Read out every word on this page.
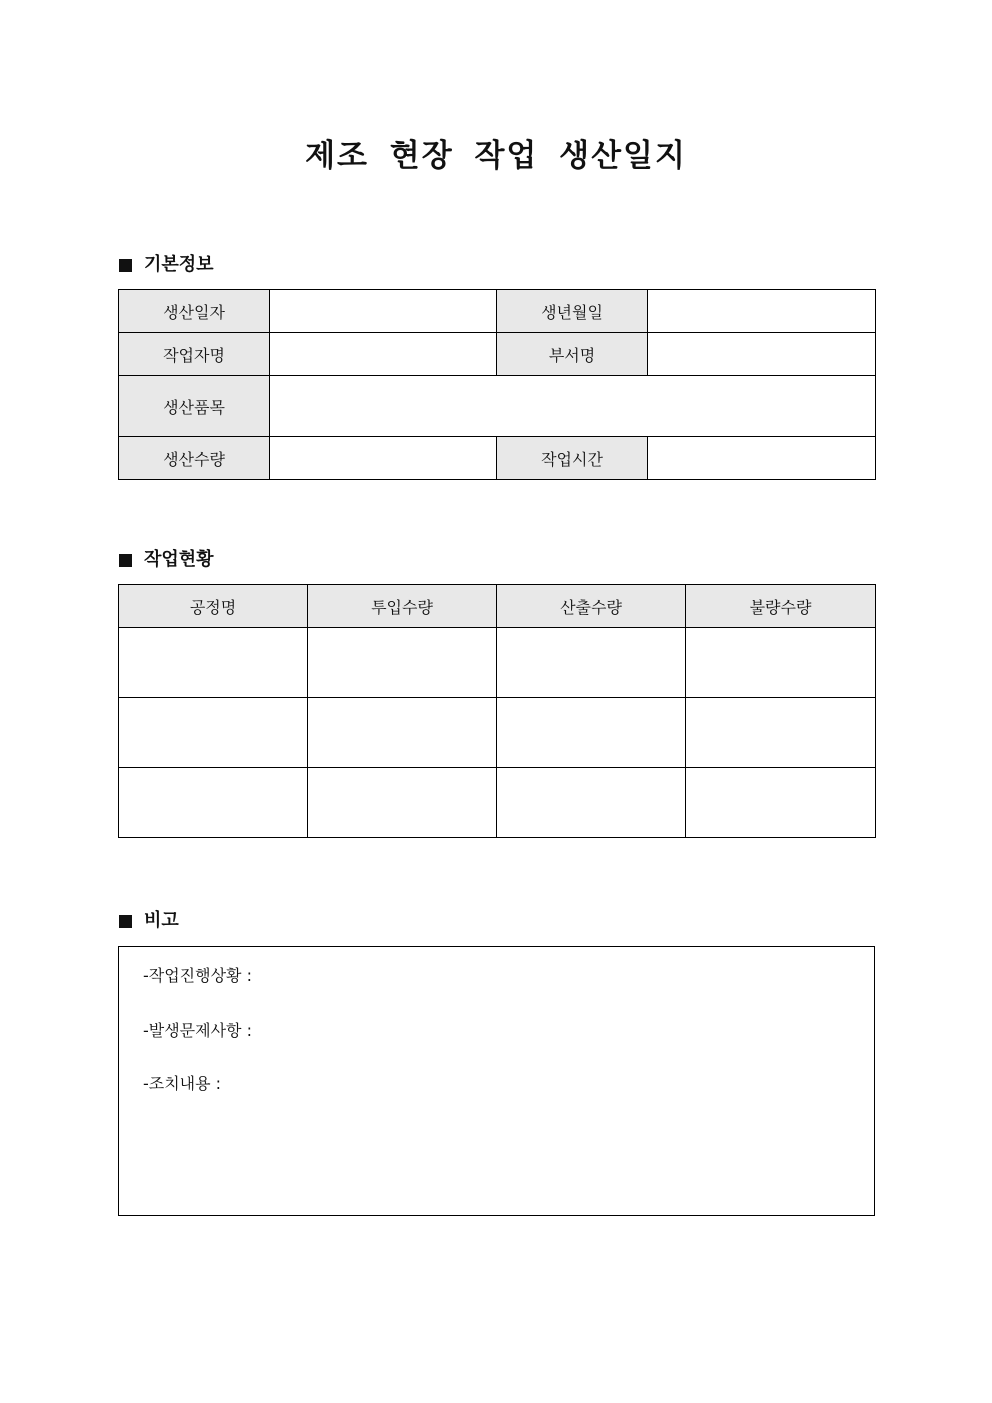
제조 현장 작업 생산일지
기본정보
생산일자		생년월일	
작업자명		부서명	
생산품목			
생산수량		작업시간	
작업현황
공정명	투입수량	산출수량	불량수량

비고
-작업진행상황 :
-발생문제사항 :
-조치내용 :
